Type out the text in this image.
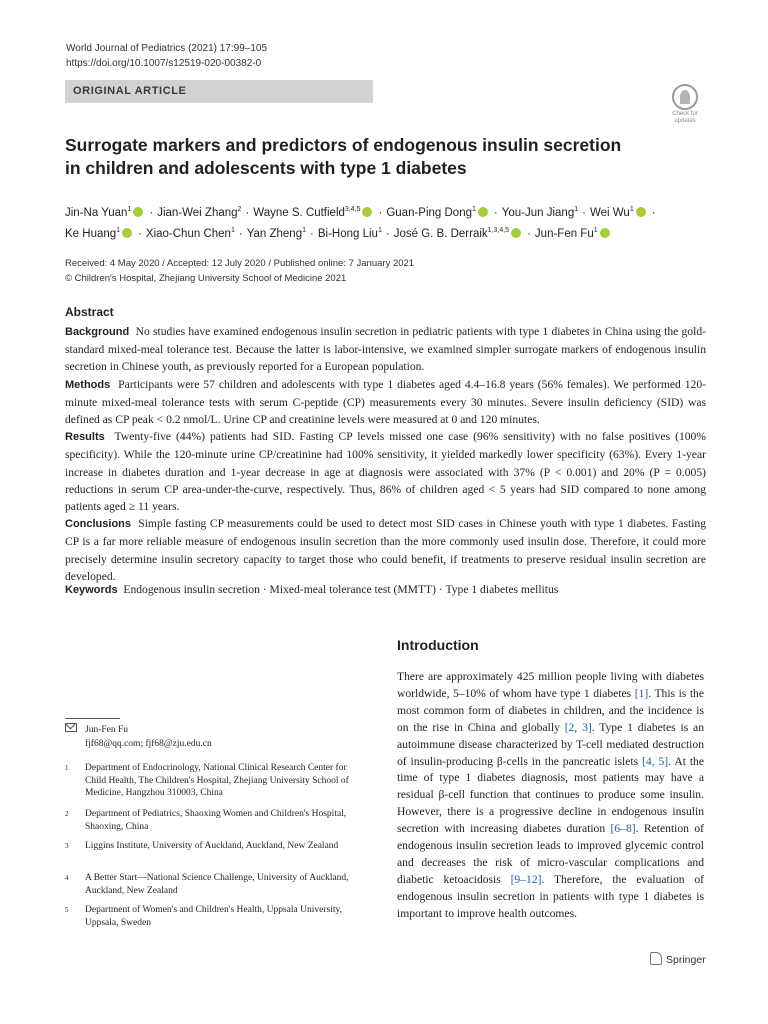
World Journal of Pediatrics (2021) 17:99–105
https://doi.org/10.1007/s12519-020-00382-0
ORIGINAL ARTICLE
Check for updates
Surrogate markers and predictors of endogenous insulin secretion
in children and adolescents with type 1 diabetes
Jin-Na Yuan$^1$ · Jian-Wei Zhang$^2$ · Wayne S. Cutfield$^{3,4,5}$ · Guan-Ping Dong$^1$ · You-Jun Jiang$^1$ · Wei $Wu^1$ ·
Ke Huang$^1$ · Xiao-Chun Chen$^1$ · Yan Zheng$^1$ · Bi-Hong Liu$^1$ · José G. B. Derraik$^{1,3,4,5}$ · Jun-Fen Fu$^1$
Received: 4 May 2020 / Accepted: 12 July 2020 / Published online: 7 January 2021
© Children's Hospital, Zhejiang University School of Medicine 2021
Abstract

Background No studies have examined endogenous insulin secretion in pediatric patients with type 1 diabetes in China using the gold-standard mixed-meal tolerance test. Because the latter is labor-intensive, we examined simpler surrogate markers of endogenous insulin secretion in Chinese youth, as previously reported for a European population.

Methods Participants were 57 children and adolescents with type 1 diabetes aged 4.4–16.8 years (56% females). We performed 120-minute mixed-meal tolerance tests with serum C-peptide (CP) measurements every 30 minutes. Severe insulin deficiency (SID) was defined as CP peak < 0.2 nmol/L. Urine CP and creatinine levels were measured at 0 and 120 minutes.

Results Twenty-five (44%) patients had SID. Fasting CP levels missed one case (96% sensitivity) with no false positives (100% specificity). While the 120-minute urine CP/creatinine had 100% sensitivity, it yielded markedly lower specificity (63%). Every 1-year increase in diabetes duration and 1-year decrease in age at diagnosis were associated with 37% (P < 0.001) and 20% (P = 0.005) reductions in serum CP area-under-the-curve, respectively. Thus, 86% of children aged < 5 years had SID compared to none among patients aged ≥ 11 years.

Conclusions Simple fasting CP measurements could be used to detect most SID cases in Chinese youth with type 1 diabetes. Fasting CP is a far more reliable measure of endogenous insulin secretion than the more commonly used insulin dose. Therefore, it could more precisely determine insulin secretory capacity to target those who could benefit, if treatments to preserve residual insulin secretion are developed.

Keywords Endogenous insulin secretion · Mixed-meal tolerance test (MMTT) · Type 1 diabetes mellitus
Introduction
There are approximately 425 million people living with diabetes worldwide, 5–10% of whom have type 1 diabetes [1]. This is the most common form of diabetes in children, and the incidence is on the rise in China and globally [2, 3]. Type 1 diabetes is an autoimmune disease characterized by T-cell mediated destruction of insulin-producing β-cells in the pancreatic islets [4, 5]. At the time of type 1 diabetes diagnosis, most patients may have a residual β-cell function that continues to produce some insulin. However, there is a progressive decline in endogenous insulin secretion with increasing diabetes duration [6–8]. Retention of endogenous insulin secretion leads to improved glycemic control and decreases the risk of micro-vascular complications and diabetic ketoacidosis [9–12]. Therefore, the evaluation of endogenous insulin secretion in patients with type 1 diabetes is important to improve health outcomes.
Jun-Fen Fu
fjf68@qq.com; fjf68@zju.edu.cn
1 Department of Endocrinology, National Clinical Research Center for Child Health, The Children's Hospital, Zhejiang University School of Medicine, Hangzhou 310003, China
2 Department of Pediatrics, Shaoxing Women and Children's Hospital, Shaoxing, China
3 Liggins Institute, University of Auckland, Auckland, New Zealand
4 A Better Start—National Science Challenge, University of Auckland, Auckland, New Zealand
5 Department of Women's and Children's Health, Uppsala University, Uppsala, Sweden
Springer
